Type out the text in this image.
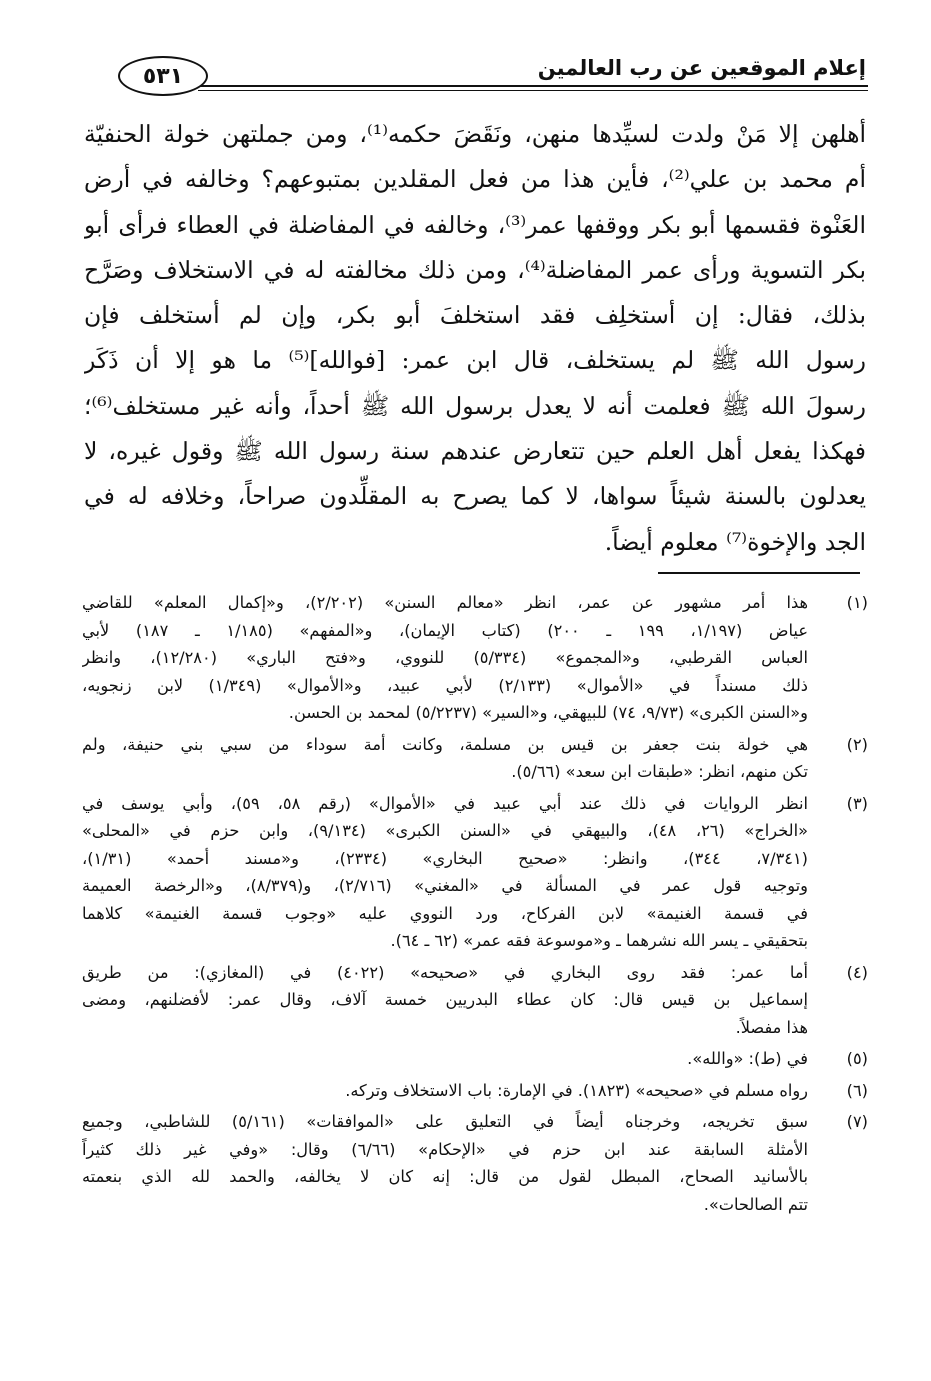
إعلام الموقعين عن رب العالمين
٥٣١
أهلهن إلا مَنْ ولدت لسيِّدها منهن، ونَقَضَ حكمه⁽¹⁾، ومن جملتهن خولة الحنفيّة
أم محمد بن علي⁽²⁾، فأين هذا من فعل المقلدين بمتبوعهم؟ وخالفه في أرض
العَنْوة فقسمها أبو بكر ووقفها عمر⁽³⁾، وخالفه في المفاضلة في العطاء فرأى أبو
بكر التسوية ورأى عمر المفاضلة⁽⁴⁾، ومن ذلك مخالفته له في الاستخلاف وصَرَّح
بذلك، فقال: إن أستخلِف فقد استخلفَ أبو بكر، وإن لم أستخلف فإن
رسول الله ﷺ لم يستخلف، قال ابن عمر: [فوالله]⁽⁵⁾ ما هو إلا أن ذَكَر
رسولَ الله ﷺ فعلمت أنه لا يعدل برسول الله ﷺ أحداً، وأنه غير مستخلف⁽⁶⁾؛
فهكذا يفعل أهل العلم حين تتعارض عندهم سنة رسول الله ﷺ وقول غيره، لا
يعدلون بالسنة شيئاً سواها، لا كما يصرح به المقلِّدون صراحاً، وخلافه له في
الجد والإخوة⁽⁷⁾ معلوم أيضاً.
(١)
هذا أمر مشهور عن عمر، انظر «معالم السنن» (٢/٢٠٢)، و«إكمال المعلم» للقاضي
عياض (١/١٩٧، ١٩٩ ـ ٢٠٠) (كتاب الإيمان)، و«المفهم» (١/١٨٥ ـ ١٨٧) لأبي
العباس القرطبي، و«المجموع» (٥/٣٣٤) للنووي، و«فتح الباري» (١٢/٢٨٠)، وانظر
ذلك مسنداً في «الأموال» (٢/١٣٣) لأبي عبيد، و«الأموال» (١/٣٤٩) لابن زنجويه،
و«السنن الكبرى» (٩/٧٣، ٧٤) للبيهقي، و«السير» (٥/٢٢٣٧) لمحمد بن الحسن.
(٢)
هي خولة بنت جعفر بن قيس بن مسلمة، وكانت أمة سوداء من سبي بني حنيفة، ولم
تكن منهم، انظر: «طبقات ابن سعد» (٥/٦٦).
(٣)
انظر الروايات في ذلك عند أبي عبيد في «الأموال» (رقم ٥٨، ٥٩)، وأبي يوسف في
«الخراج» (٢٦، ٤٨)، والبيهقي في «السنن الكبرى» (٩/١٣٤)، وابن حزم في «المحلى»
(٧/٣٤١، ٣٤٤)، وانظر: «صحيح البخاري» (٢٣٣٤)، و«مسند أحمد» (١/٣١)،
وتوجيه قول عمر في المسألة في «المغني» (٢/٧١٦)، و(٨/٣٧٩)، و«الرخصة العميمة
في قسمة الغنيمة» لابن الفركاح، ورد النووي عليه «وجوب قسمة الغنيمة» كلاهما
بتحقيقي ـ يسر الله نشرهما ـ و«موسوعة فقه عمر» (٦٢ ـ ٦٤).
(٤)
أما عمر: فقد روى البخاري في «صحيحه» (٤٠٢٢) في (المغازي): من طريق
إسماعيل بن قيس قال: كان عطاء البدريين خمسة آلاف، وقال عمر: لأفضلنهم، ومضى
هذا مفصلاً.
(٥)
في (ط): «والله».
(٦)
رواه مسلم في «صحيحه» (١٨٢٣). في الإمارة: باب الاستخلاف وتركه.
(٧)
سبق تخريجه، وخرجناه أيضاً في التعليق على «الموافقات» (٥/١٦١) للشاطبي، وجميع
الأمثلة السابقة عند ابن حزم في «الإحكام» (٦/٦٦) وقال: «وفي غير ذلك كثيراً
بالأسانيد الصحاح، المبطل لقول من قال: إنه كان لا يخالفه، والحمد لله الذي بنعمته
تتم الصالحات».
